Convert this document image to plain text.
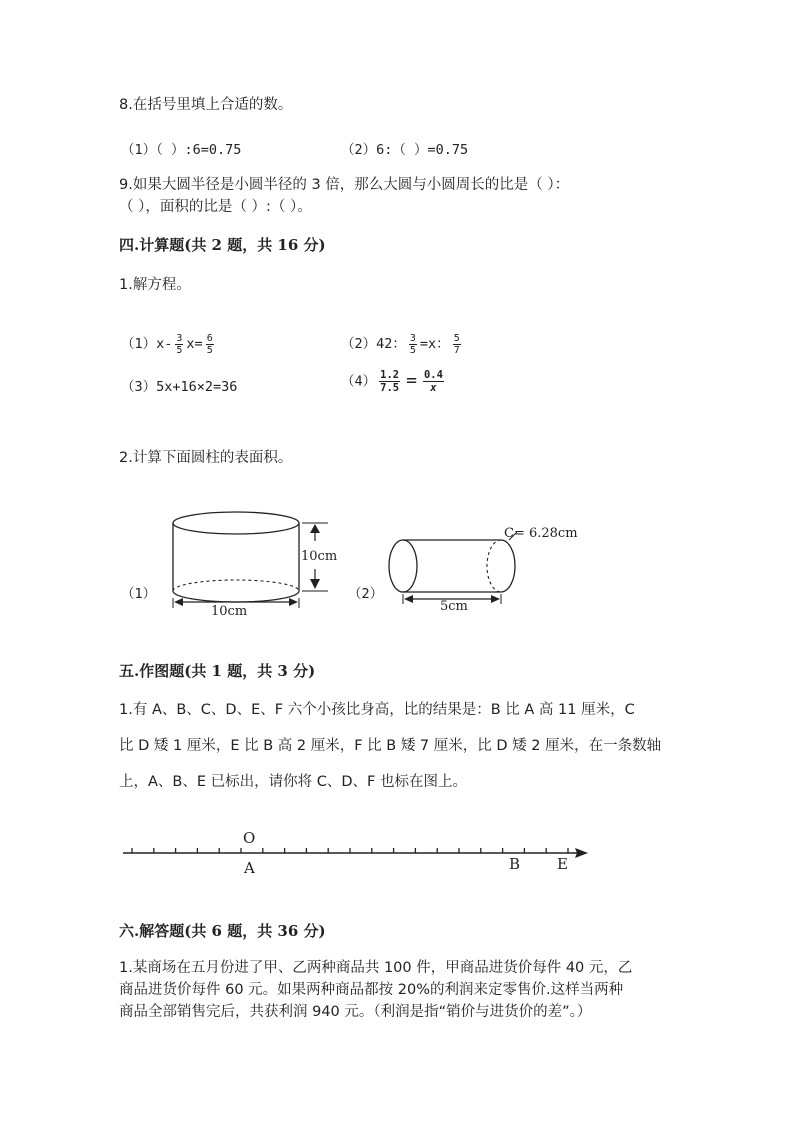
8.在括号里填上合适的数。
（1）（ ）:6=0.75	（2）6:（ ）=0.75
9.如果大圆半径是小圆半径的 3 倍，那么大圆与小圆周长的比是（ ）：
（ ），面积的比是（ ）:（ ）。
四.计算题(共 2 题，共 16 分)
1.解方程。
$(1)x- \frac{3}{5} x= \frac{6}{5}$	（2）42： $\frac{3}{5} =x$： $\frac{5}{7}$
（3）5x+16×2=36	$(4) \frac{1.2}{7.5} = \frac{0.4}{x}$
2.计算下面圆柱的表面积。
（1）
10cm
10cm
（2）
C= 6.28cm
5cm
五.作图题(共 1 题，共 3 分)
1.有 A、B、C、D、E、F 六个小孩比身高，比的结果是：B 比 A 高 11 厘米，C
比 D 矮 1 厘米，E 比 B 高 2 厘米，F 比 B 矮 7 厘米，比 D 矮 2 厘米，在一条数轴
上，A、B、E 已标出，请你将 C、D、F 也标在图上。
O
A	B E
六.解答题(共 6 题，共 36 分)
1.某商场在五月份进了甲、乙两种商品共 100 件，甲商品进货价每件 40 元，乙
商品进货价每件 60 元。如果两种商品都按 20%的利润来定零售价.这样当两种
商品全部销售完后，共获利润 940 元。（利润是指“销价与进货价的差”。）
